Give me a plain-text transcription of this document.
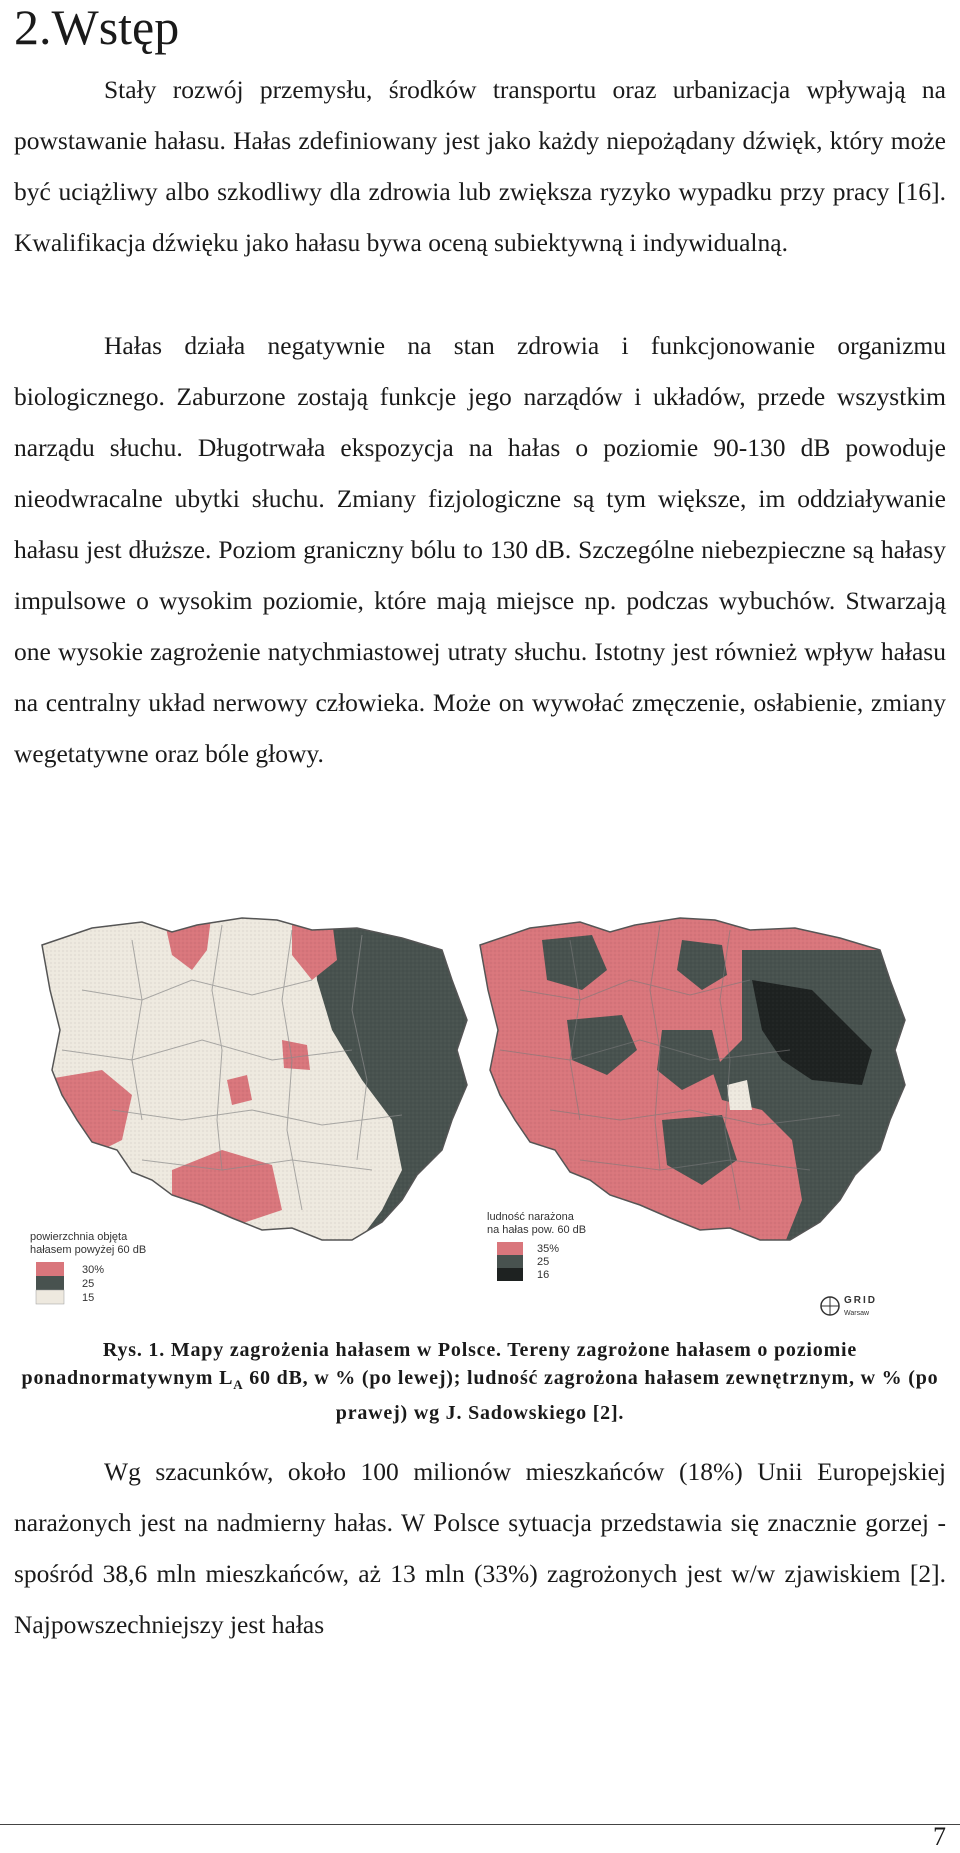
2.Wstęp

Stały rozwój przemysłu, środków transportu oraz urbanizacja wpływają na powstawanie hałasu. Hałas zdefiniowany jest jako każdy niepożądany dźwięk, który może być uciążliwy albo szkodliwy dla zdrowia lub zwiększa ryzyko wypadku przy pracy [16]. Kwalifikacja dźwięku jako hałasu bywa oceną subiektywną i indywidualną.

Hałas działa negatywnie na stan zdrowia i funkcjonowanie organizmu biologicznego. Zaburzone zostają funkcje jego narządów i układów, przede wszystkim narządu słuchu. Długotrwała ekspozycja na hałas o poziomie 90-130 dB powoduje nieodwracalne ubytki słuchu. Zmiany fizjologiczne są tym większe, im oddziaływanie hałasu jest dłuższe. Poziom graniczny bólu to 130 dB. Szczególne niebezpieczne są hałasy impulsowe o wysokim poziomie, które mają miejsce np. podczas wybuchów. Stwarzają one wysokie zagrożenie natychmiastowej utraty słuchu. Istotny jest również wpływ hałasu na centralny układ nerwowy człowieka. Może on wywołać zmęczenie, osłabienie, zmiany wegetatywne oraz bóle głowy.

powierzchnia objęta
hałasem powyżej 60 dB
30%
25
15
ludność narażona
na hałas pow. 60 dB
35%
25
16
GRID
Warsaw

Rys. 1. Mapy zagrożenia hałasem w Polsce. Tereny zagrożone hałasem o poziomie ponadnormatywnym $L_A$ 60 dB, w % (po lewej); ludność zagrożona hałasem zewnętrznym, w % (po prawej) wg J. Sadowskiego [2].

Wg szacunków, około 100 milionów mieszkańców (18%) Unii Europejskiej narażonych jest na nadmierny hałas. W Polsce sytuacja przedstawia się znacznie gorzej - spośród 38,6 mln mieszkańców, aż 13 mln (33%) zagrożonych jest w/w zjawiskiem [2]. Najpowszechniejszy jest hałas

7
